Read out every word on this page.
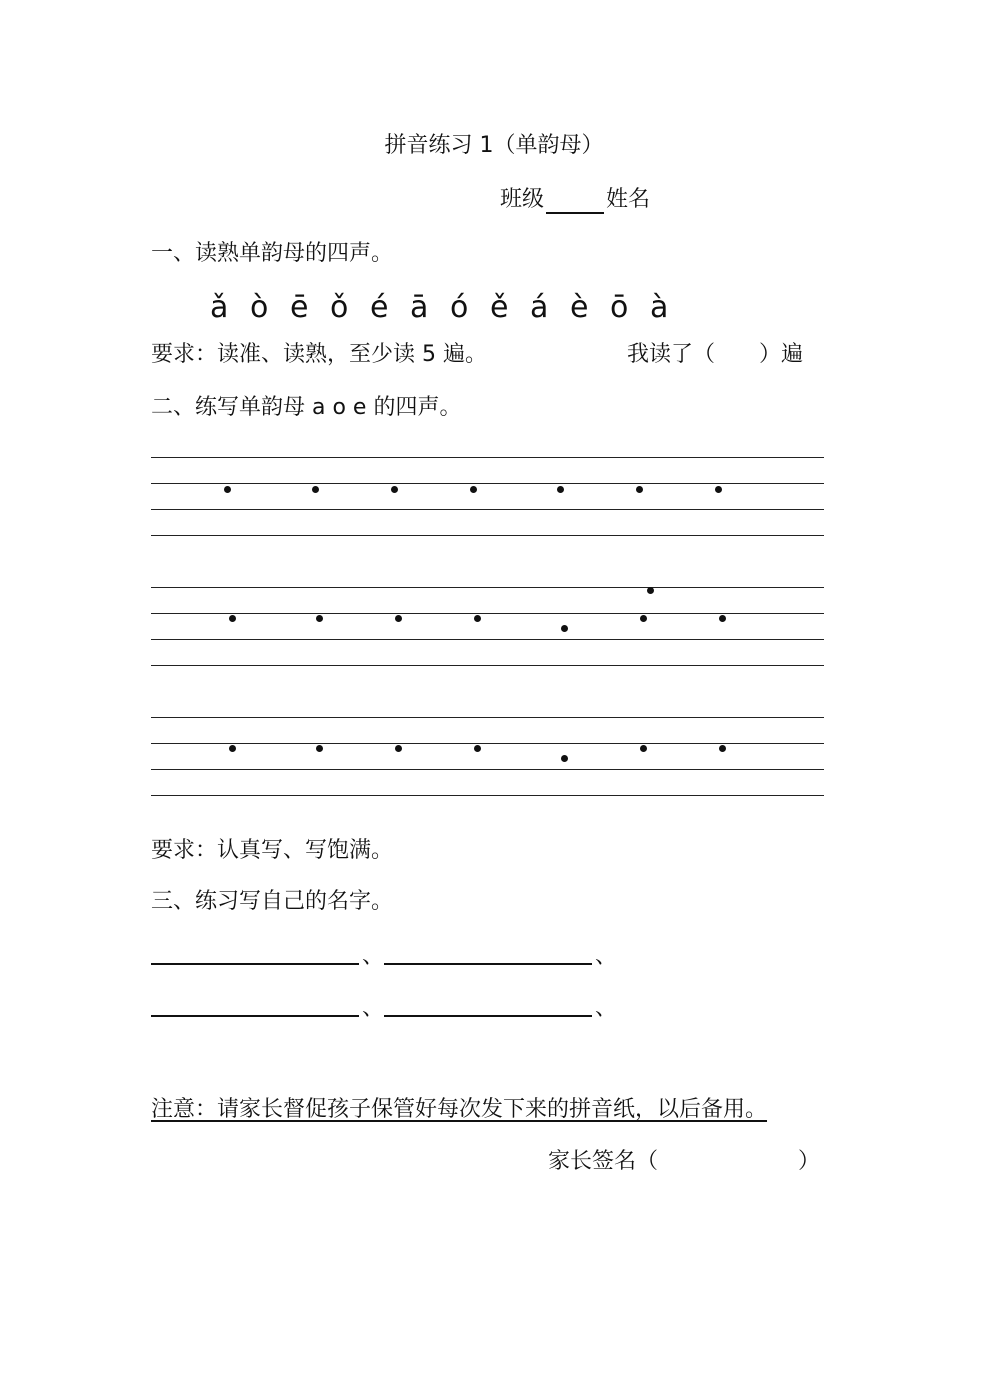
拼音练习 1（单韵母）
班级	姓名
一、读熟单韵母的四声。
ǎ ò ē ǒ é ā ó ě á è ō à
要求：读准、读熟，至少读 5 遍。	我读了（ ）遍
二、练写单韵母 a o e 的四声。
要求：认真写、写饱满。
三、练习写自己的名字。
、	、
、	、
注意：请家长督促孩子保管好每次发下来的拼音纸，以后备用。
家长签名（	）
